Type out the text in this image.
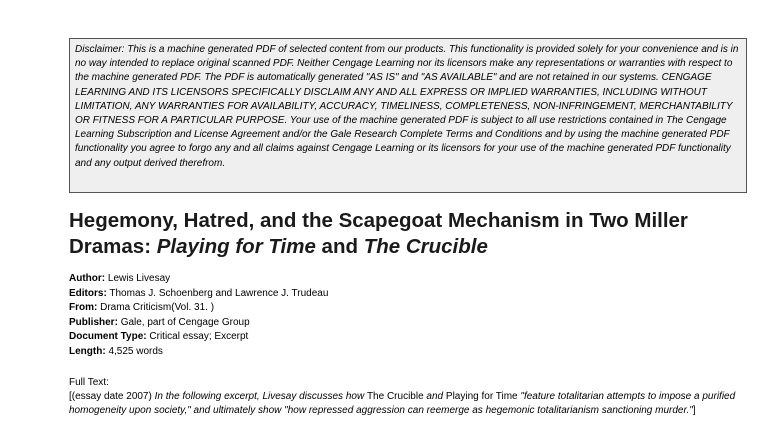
Disclaimer: This is a machine generated PDF of selected content from our products. This functionality is provided solely for your convenience and is in no way intended to replace original scanned PDF. Neither Cengage Learning nor its licensors make any representations or warranties with respect to the machine generated PDF. The PDF is automatically generated "AS IS" and "AS AVAILABLE" and are not retained in our systems. CENGAGE LEARNING AND ITS LICENSORS SPECIFICALLY DISCLAIM ANY AND ALL EXPRESS OR IMPLIED WARRANTIES, INCLUDING WITHOUT LIMITATION, ANY WARRANTIES FOR AVAILABILITY, ACCURACY, TIMELINESS, COMPLETENESS, NON-INFRINGEMENT, MERCHANTABILITY OR FITNESS FOR A PARTICULAR PURPOSE. Your use of the machine generated PDF is subject to all use restrictions contained in The Cengage Learning Subscription and License Agreement and/or the Gale Research Complete Terms and Conditions and by using the machine generated PDF functionality you agree to forgo any and all claims against Cengage Learning or its licensors for your use of the machine generated PDF functionality and any output derived therefrom.
Hegemony, Hatred, and the Scapegoat Mechanism in Two Miller Dramas: Playing for Time and The Crucible
Author: Lewis Livesay
Editors: Thomas J. Schoenberg and Lawrence J. Trudeau
From: Drama Criticism(Vol. 31. )
Publisher: Gale, part of Cengage Group
Document Type: Critical essay; Excerpt
Length: 4,525 words
Full Text:
[(essay date 2007) In the following excerpt, Livesay discusses how The Crucible and Playing for Time "feature totalitarian attempts to impose a purified homogeneity upon society," and ultimately show "how repressed aggression can reemerge as hegemonic totalitarianism sanctioning murder."]
